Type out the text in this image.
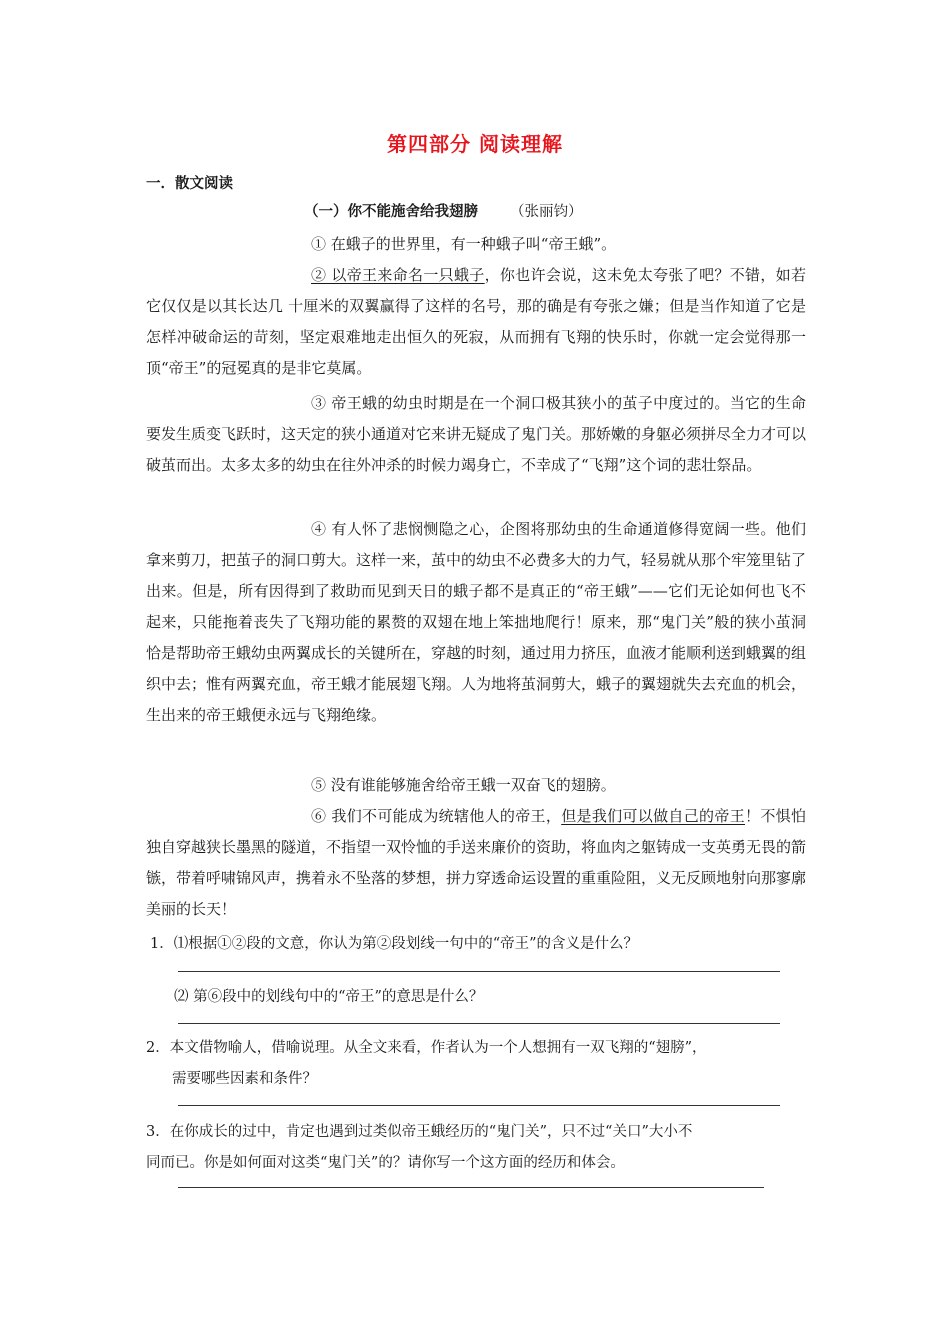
第四部分 阅读理解
一．散文阅读
（一）你不能施舍给我翅膀 （张丽钧）

① 在蛾子的世界里，有一种蛾子叫“帝王蛾”。

② 以帝王来命名一只蛾子，你也许会说，这未免太夸张了吧？不错，如若它仅仅是以其长达几 十厘米的双翼赢得了这样的名号，那的确是有夸张之嫌；但是当作知道了它是怎样冲破命运的苛刻，坚定艰难地走出恒久的死寂，从而拥有飞翔的快乐时，你就一定会觉得那一顶“帝王”的冠冕真的是非它莫属。

③ 帝王蛾的幼虫时期是在一个洞口极其狭小的茧子中度过的。当它的生命要发生质变飞跃时，这天定的狭小通道对它来讲无疑成了鬼门关。那娇嫩的身躯必须拼尽全力才可以破茧而出。太多太多的幼虫在往外冲杀的时候力竭身亡，不幸成了“飞翔”这个词的悲壮祭品。

④ 有人怀了悲悯恻隐之心，企图将那幼虫的生命通道修得宽阔一些。他们拿来剪刀，把茧子的洞口剪大。这样一来，茧中的幼虫不必费多大的力气，轻易就从那个牢笼里钻了出来。但是，所有因得到了救助而见到天日的蛾子都不是真正的“帝王蛾”——它们无论如何也飞不起来，只能拖着丧失了飞翔功能的累赘的双翅在地上笨拙地爬行！原来，那“鬼门关”般的狭小茧洞恰是帮助帝王蛾幼虫两翼成长的关键所在，穿越的时刻，通过用力挤压，血液才能顺利送到蛾翼的组织中去；惟有两翼充血，帝王蛾才能展翅飞翔。人为地将茧洞剪大，蛾子的翼翅就失去充血的机会，生出来的帝王蛾便永远与飞翔绝缘。

⑤ 没有谁能够施舍给帝王蛾一双奋飞的翅膀。

⑥ 我们不可能成为统辖他人的帝王，但是我们可以做自己的帝王！不惧怕独自穿越狭长墨黑的隧道，不指望一双怜恤的手送来廉价的资助，将血肉之躯铸成一支英勇无畏的箭镞，带着呼啸锦风声，携着永不坠落的梦想，拼力穿透命运设置的重重险阻，义无反顾地射向那寥廓美丽的长天！

1．⑴根据①②段的文意，你认为第②段划线一句中的“帝王”的含义是什么？

⑵ 第⑥段中的划线句中的“帝王”的意思是什么？

2．本文借物喻人，借喻说理。从全文来看，作者认为一个人想拥有一双飞翔的“翅膀”，

需要哪些因素和条件？

3．在你成长的过中，肯定也遇到过类似帝王蛾经历的“鬼门关”，只不过“关口”大小不

同而已。你是如何面对这类“鬼门关”的？请你写一个这方面的经历和体会。
